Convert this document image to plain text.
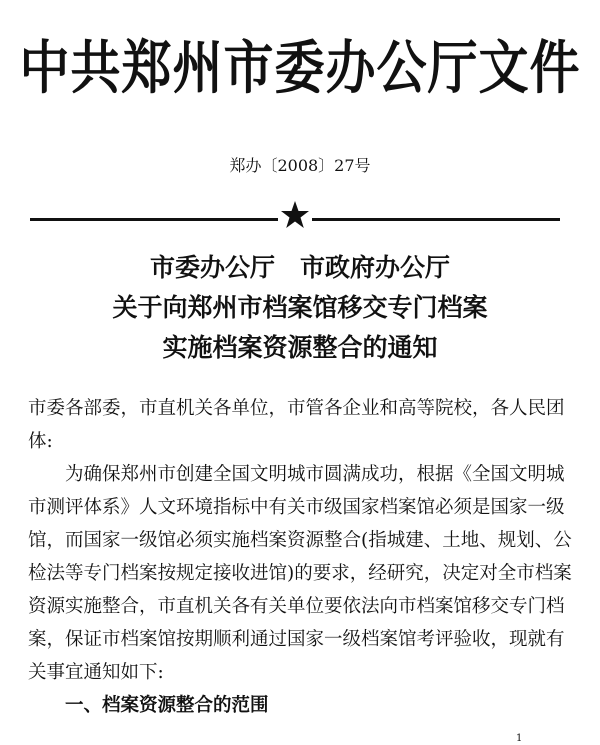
中共郑州市委办公厅文件
郑办〔2008〕27号
市委办公厅　市政府办公厅
关于向郑州市档案馆移交专门档案
实施档案资源整合的通知

市委各部委，市直机关各单位，市管各企业和高等院校，各人民团体:

为确保郑州市创建全国文明城市圆满成功，根据《全国文明城市测评体系》人文环境指标中有关市级国家档案馆必须是国家一级馆，而国家一级馆必须实施档案资源整合(指城建、土地、规划、公检法等专门档案按规定接收进馆)的要求，经研究，决定对全市档案资源实施整合，市直机关各有关单位要依法向市档案馆移交专门档案，保证市档案馆按期顺利通过国家一级档案馆考评验收，现就有关事宜通知如下:

一、档案资源整合的范围

1
